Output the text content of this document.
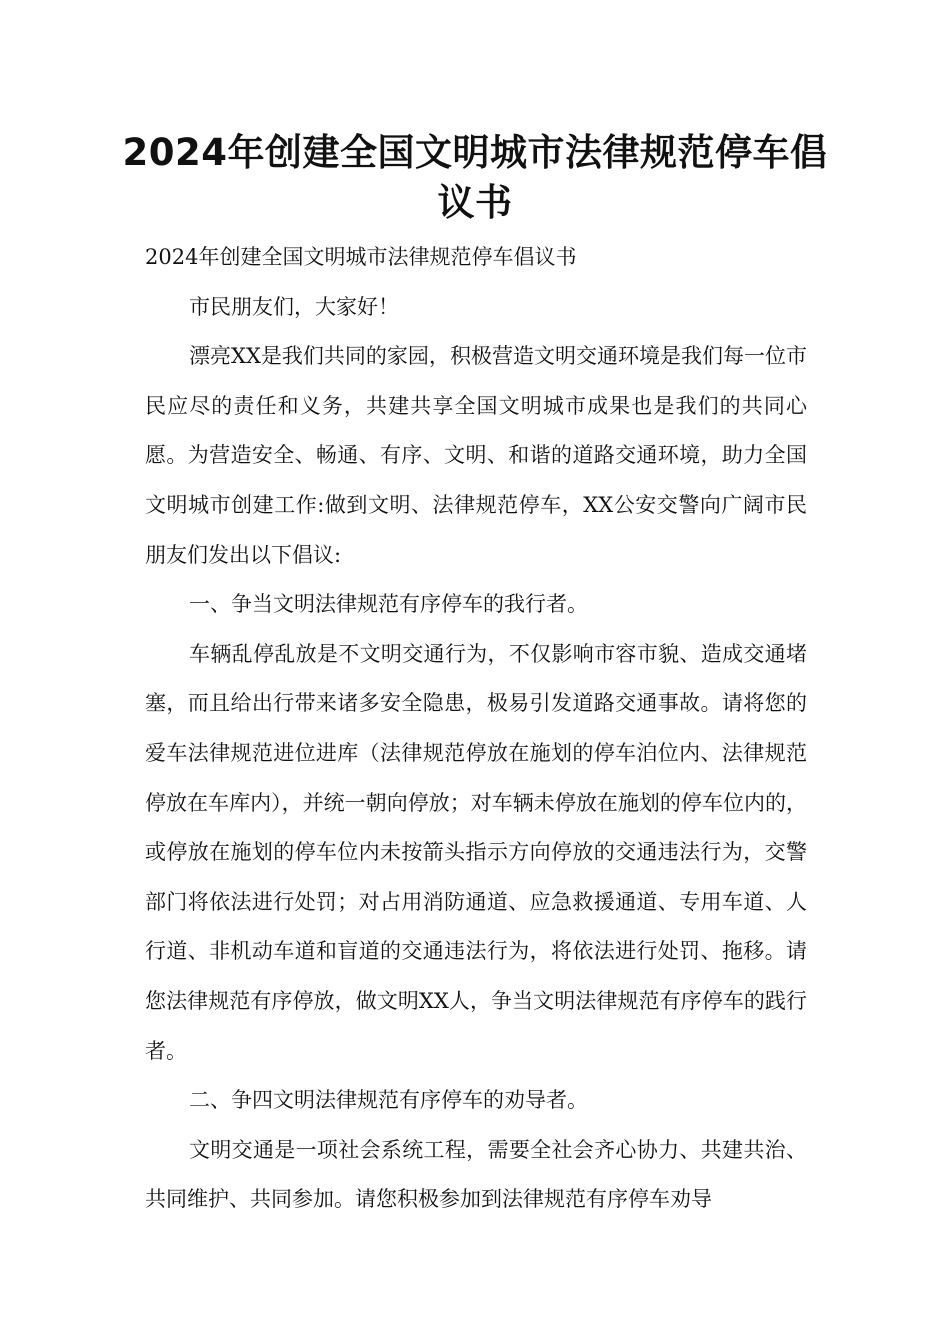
2024年创建全国文明城市法律规范停车倡议书

2024年创建全国文明城市法律规范停车倡议书

市民朋友们，大家好！

漂亮XX是我们共同的家园，积极营造文明交通环境是我们每一位市民应尽的责任和义务，共建共享全国文明城市成果也是我们的共同心愿。为营造安全、畅通、有序、文明、和谐的道路交通环境，助力全国文明城市创建工作:做到文明、法律规范停车，XX公安交警向广阔市民朋友们发出以下倡议:

一、争当文明法律规范有序停车的我行者。

车辆乱停乱放是不文明交通行为，不仅影响市容市貌、造成交通堵塞，而且给出行带来诸多安全隐患，极易引发道路交通事故。请将您的爱车法律规范进位进库（法律规范停放在施划的停车泊位内、法律规范停放在车库内），并统一朝向停放；对车辆未停放在施划的停车位内的，或停放在施划的停车位内未按箭头指示方向停放的交通违法行为，交警部门将依法进行处罚；对占用消防通道、应急救援通道、专用车道、人行道、非机动车道和盲道的交通违法行为，将依法进行处罚、拖移。请您法律规范有序停放，做文明XX人，争当文明法律规范有序停车的践行者。

二、争四文明法律规范有序停车的劝导者。

文明交通是一项社会系统工程，需要全社会齐心协力、共建共治、共同维护、共同参加。请您积极参加到法律规范有序停车劝导
